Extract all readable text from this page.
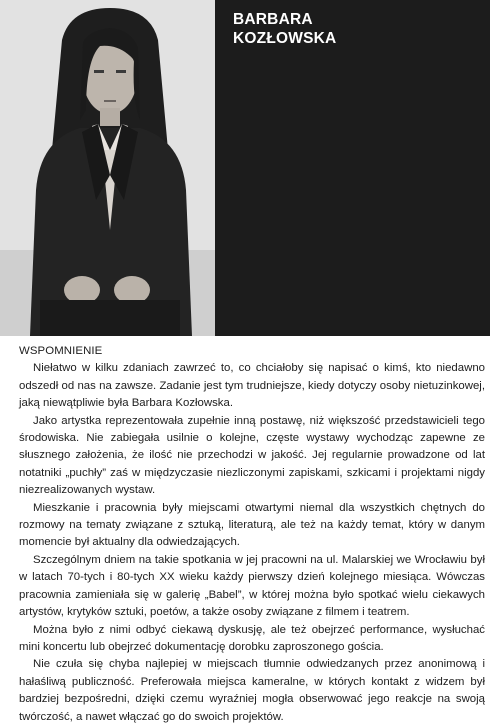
BARBARA
KOZŁOWSKA
WSPOMNIENIE

Niełatwo w kilku zdaniach zawrzeć to, co chciałoby się napisać o kimś, kto niedawno odszedł od nas na zawsze. Zadanie jest tym trudniejsze, kiedy dotyczy osoby nietuzinkowej, jaką niewątpliwie była Barbara Kozłowska.

Jako artystka reprezentowała zupełnie inną postawę, niż większość przedstawicieli tego środowiska. Nie zabiegała usilnie o kolejne, częste wystawy wychodząc zapewne ze słusznego założenia, że ilość nie przechodzi w jakość. Jej regularnie prowadzone od lat notatniki „puchły” zaś w międzyczasie niezliczonymi zapiskami, szkicami i projektami nigdy niezrealizowanych wystaw.

Mieszkanie i pracownia były miejscami otwartymi niemal dla wszystkich chętnych do rozmowy na tematy związane z sztuką, literaturą, ale też na każdy temat, który w danym momencie był aktualny dla odwiedzających.

Szczególnym dniem na takie spotkania w jej pracowni na ul. Malarskiej we Wrocławiu był w latach 70-tych i 80-tych XX wieku każdy pierwszy dzień kolejnego miesiąca. Wówczas pracownia zamieniała się w galerię „Babel”, w której można było spotkać wielu ciekawych artystów, krytyków sztuki, poetów, a także osoby związane z filmem i teatrem.

Można było z nimi odbyć ciekawą dyskusję, ale też obejrzeć performance, wysłuchać mini koncertu lub obejrzeć dokumentację dorobku zaproszonego gościa.

Nie czuła się chyba najlepiej w miejscach tłumnie odwiedzanych przez anonimową i hałaśliwą publiczność. Preferowała miejsca kameralne, w których kontakt z widzem był bardziej bezpośredni, dzięki czemu wyraźniej mogła obserwować jego reakcje na swoją twórczość, a nawet włączać go do swoich projektów.
